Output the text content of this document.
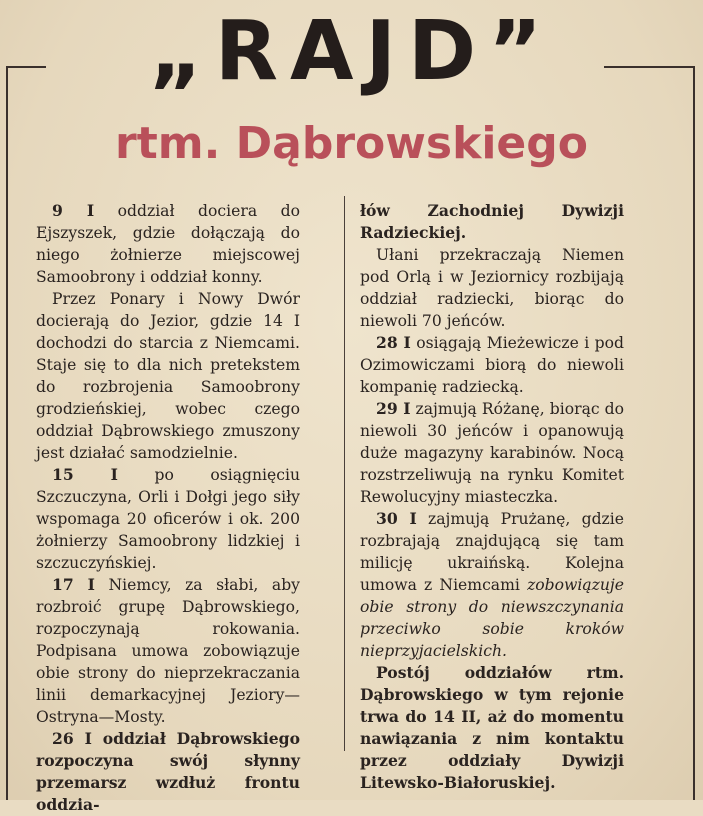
„RAJD”
rtm. Dąbrowskiego

9 I oddział dociera do Ejszyszek, gdzie dołączają do niego żołnierze miejscowej Samoobrony i oddział konny.

Przez Ponary i Nowy Dwór docierają do Jezior, gdzie 14 I dochodzi do starcia z Niemcami. Staje się to dla nich pretekstem do rozbrojenia Samoobrony grodzieńskiej, wobec czego oddział Dąbrowskiego zmuszony jest działać samodzielnie.

15 I po osiągnięciu Szczuczyna, Orli i Dołgi jego siły wspomaga 20 oficerów i ok. 200 żołnierzy Samoobrony lidzkiej i szczuczyńskiej.

17 I Niemcy, za słabi, aby rozbroić grupę Dąbrowskiego, rozpoczynają rokowania. Podpisana umowa zobowiązuje obie strony do nieprzekraczania linii demarkacyjnej Jeziory—Ostryna—Mosty.

26 I oddział Dąbrowskiego rozpoczyna swój słynny przemarsz wzdłuż frontu oddzia-

łów Zachodniej Dywizji Radzieckiej.

Ułani przekraczają Niemen pod Orlą i w Jeziornicy rozbijają oddział radziecki, biorąc do niewoli 70 jeńców.

28 I osiągają Mieżewicze i pod Ozimowiczami biorą do niewoli kompanię radziecką.

29 I zajmują Różanę, biorąc do niewoli 30 jeńców i opanowują duże magazyny karabinów. Nocą rozstrzeliwują na rynku Komitet Rewolucyjny miasteczka.

30 I zajmują Prużanę, gdzie rozbrajają znajdującą się tam milicję ukraińską. Kolejna umowa z Niemcami zobowiązuje obie strony do niewszczynania przeciwko sobie kroków nieprzyjacielskich.

Postój oddziałów rtm. Dąbrowskiego w tym rejonie trwa do 14 II, aż do momentu nawiązania z nim kontaktu przez oddziały Dywizji Litewsko-Białoruskiej.
